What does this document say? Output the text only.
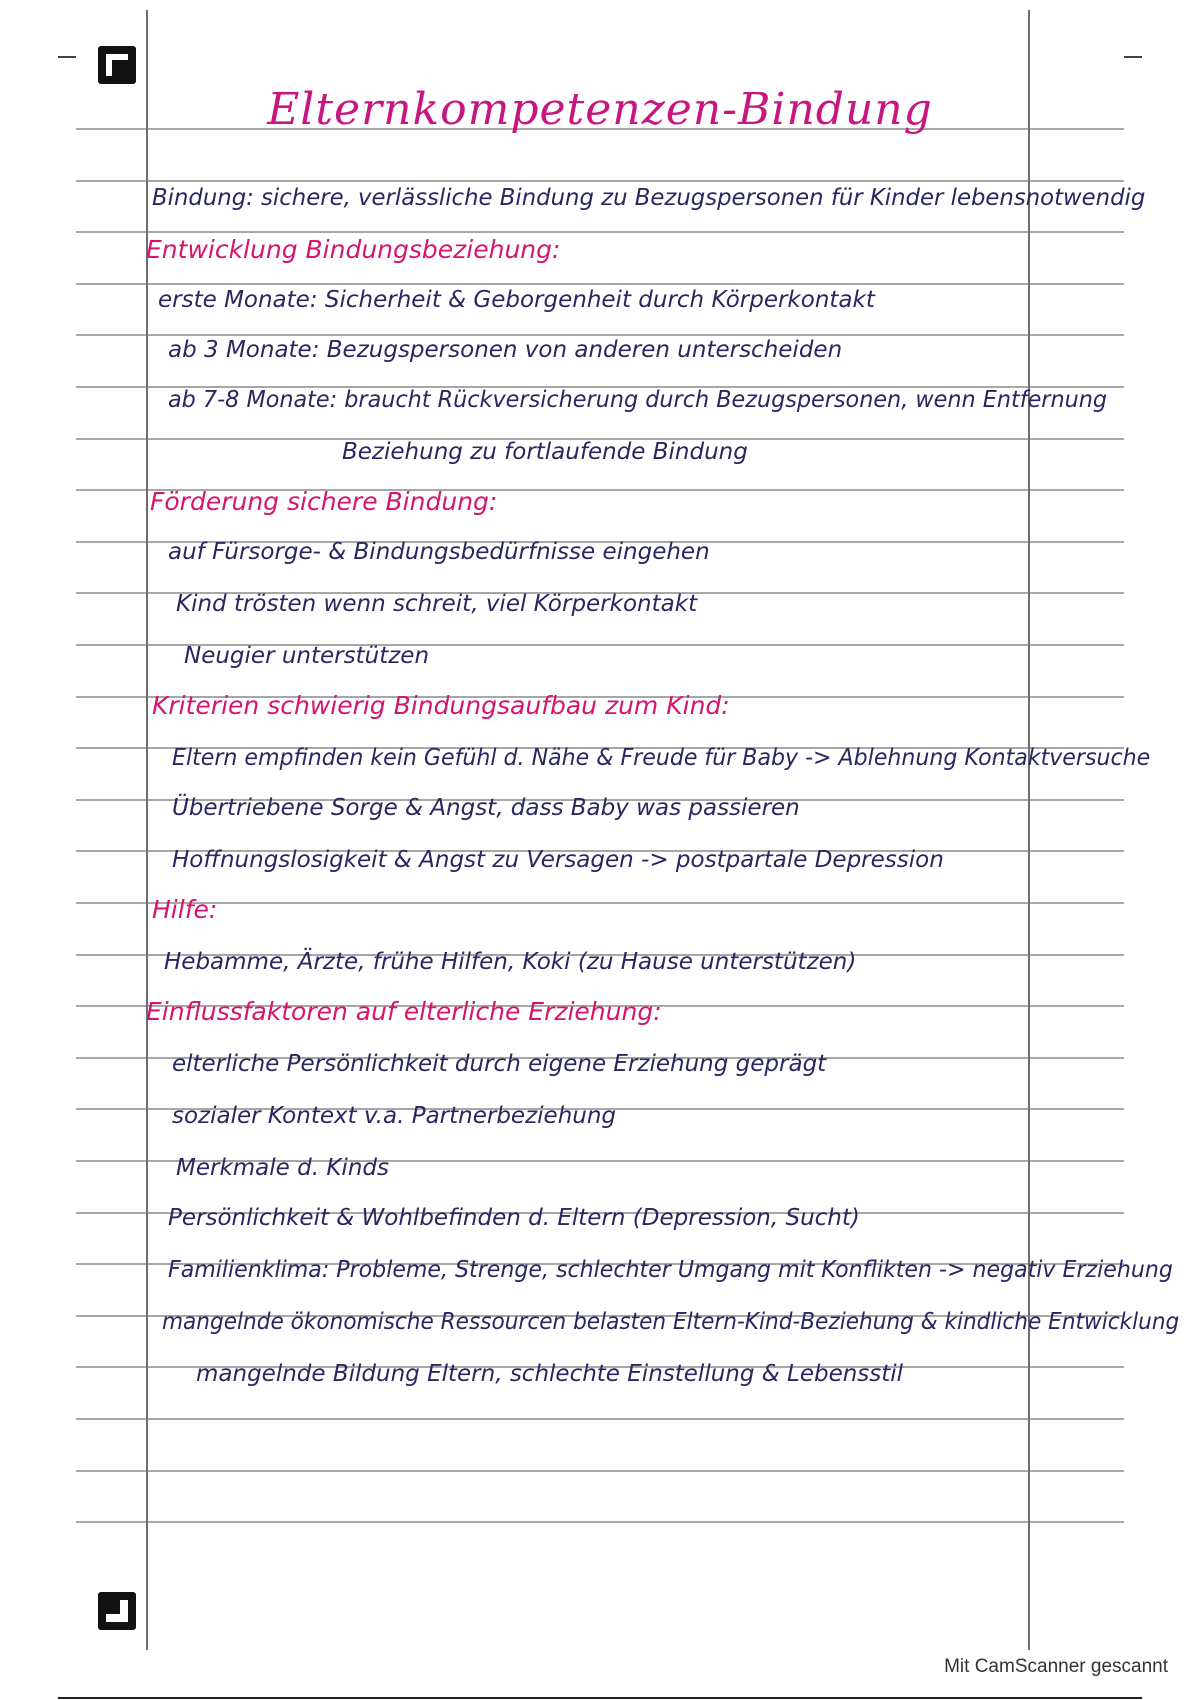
Elternkompetenzen-Bindung
Bindung: sichere, verlässliche Bindung zu Bezugspersonen für Kinder lebensnotwendig
Entwicklung Bindungsbeziehung:
erste Monate: Sicherheit & Geborgenheit durch Körperkontakt
ab 3 Monate: Bezugspersonen von anderen unterscheiden
ab 7-8 Monate: braucht Rückversicherung durch Bezugspersonen, wenn Entfernung
Beziehung zu fortlaufende Bindung
Förderung sichere Bindung:
auf Fürsorge- & Bindungsbedürfnisse eingehen
Kind trösten wenn schreit, viel Körperkontakt
Neugier unterstützen
Kriterien schwierig Bindungsaufbau zum Kind:
Eltern empfinden kein Gefühl d. Nähe & Freude für Baby -> Ablehnung Kontaktversuche
Übertriebene Sorge & Angst, dass Baby was passieren
Hoffnungslosigkeit & Angst zu Versagen -> postpartale Depression
Hilfe:
Hebamme, Ärzte, frühe Hilfen, Koki (zu Hause unterstützen)
Einflussfaktoren auf elterliche Erziehung:
elterliche Persönlichkeit durch eigene Erziehung geprägt
sozialer Kontext v.a. Partnerbeziehung
Merkmale d. Kinds
Persönlichkeit & Wohlbefinden d. Eltern (Depression, Sucht)
Familienklima: Probleme, Strenge, schlechter Umgang mit Konflikten -> negativ Erziehung
mangelnde ökonomische Ressourcen belasten Eltern-Kind-Beziehung & kindliche Entwicklung
mangelnde Bildung Eltern, schlechte Einstellung & Lebensstil
Mit CamScanner gescannt
